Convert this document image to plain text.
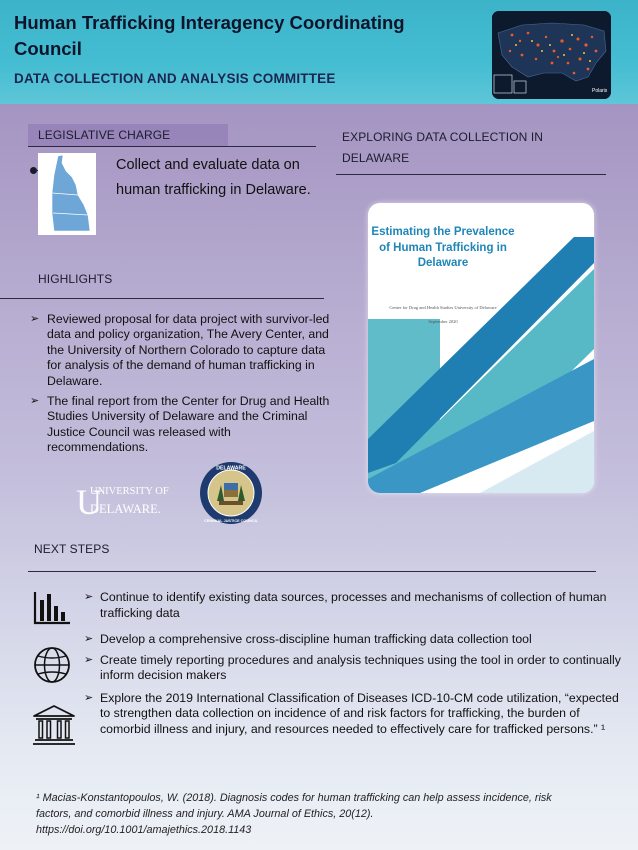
Human Trafficking Interagency Coordinating Council
DATA COLLECTION AND ANALYSIS COMMITTEE
Polaris
LEGISLATIVE CHARGE
Collect and evaluate data on human trafficking in Delaware.
EXPLORING DATA COLLECTION IN DELAWARE
Estimating the Prevalence of Human Trafficking in Delaware
Center for Drug and Health Studies University of Delaware
September 2020
HIGHLIGHTS
➢ Reviewed proposal for data project with survivor-led data and policy organization, The Avery Center, and the University of Northern Colorado to capture data for analysis of the demand of human trafficking in Delaware.
➢ The final report from the Center for Drug and Health Studies University of Delaware and the Criminal Justice Council was released with recommendations.
U
UNIVERSITY OF
DELAWARE.
DELAWARE
CRIMINAL JUSTICE COUNCIL
NEXT STEPS
➢ Continue to identify existing data sources, processes and mechanisms of collection of human trafficking data
➢ Develop a comprehensive cross-discipline human trafficking data collection tool
➢ Create timely reporting procedures and analysis techniques using the tool in order to continually inform decision makers
➢ Explore the 2019 International Classification of Diseases ICD-10-CM code utilization, “expected to strengthen data collection on incidence of and risk factors for trafficking, the burden of comorbid illness and injury, and resources needed to effectively care for trafficked persons.” ¹
¹ Macias-Konstantopoulos, W. (2018). Diagnosis codes for human trafficking can help assess incidence, risk factors, and comorbid illness and injury. AMA Journal of Ethics, 20(12). https://doi.org/10.1001/amajethics.2018.1143
